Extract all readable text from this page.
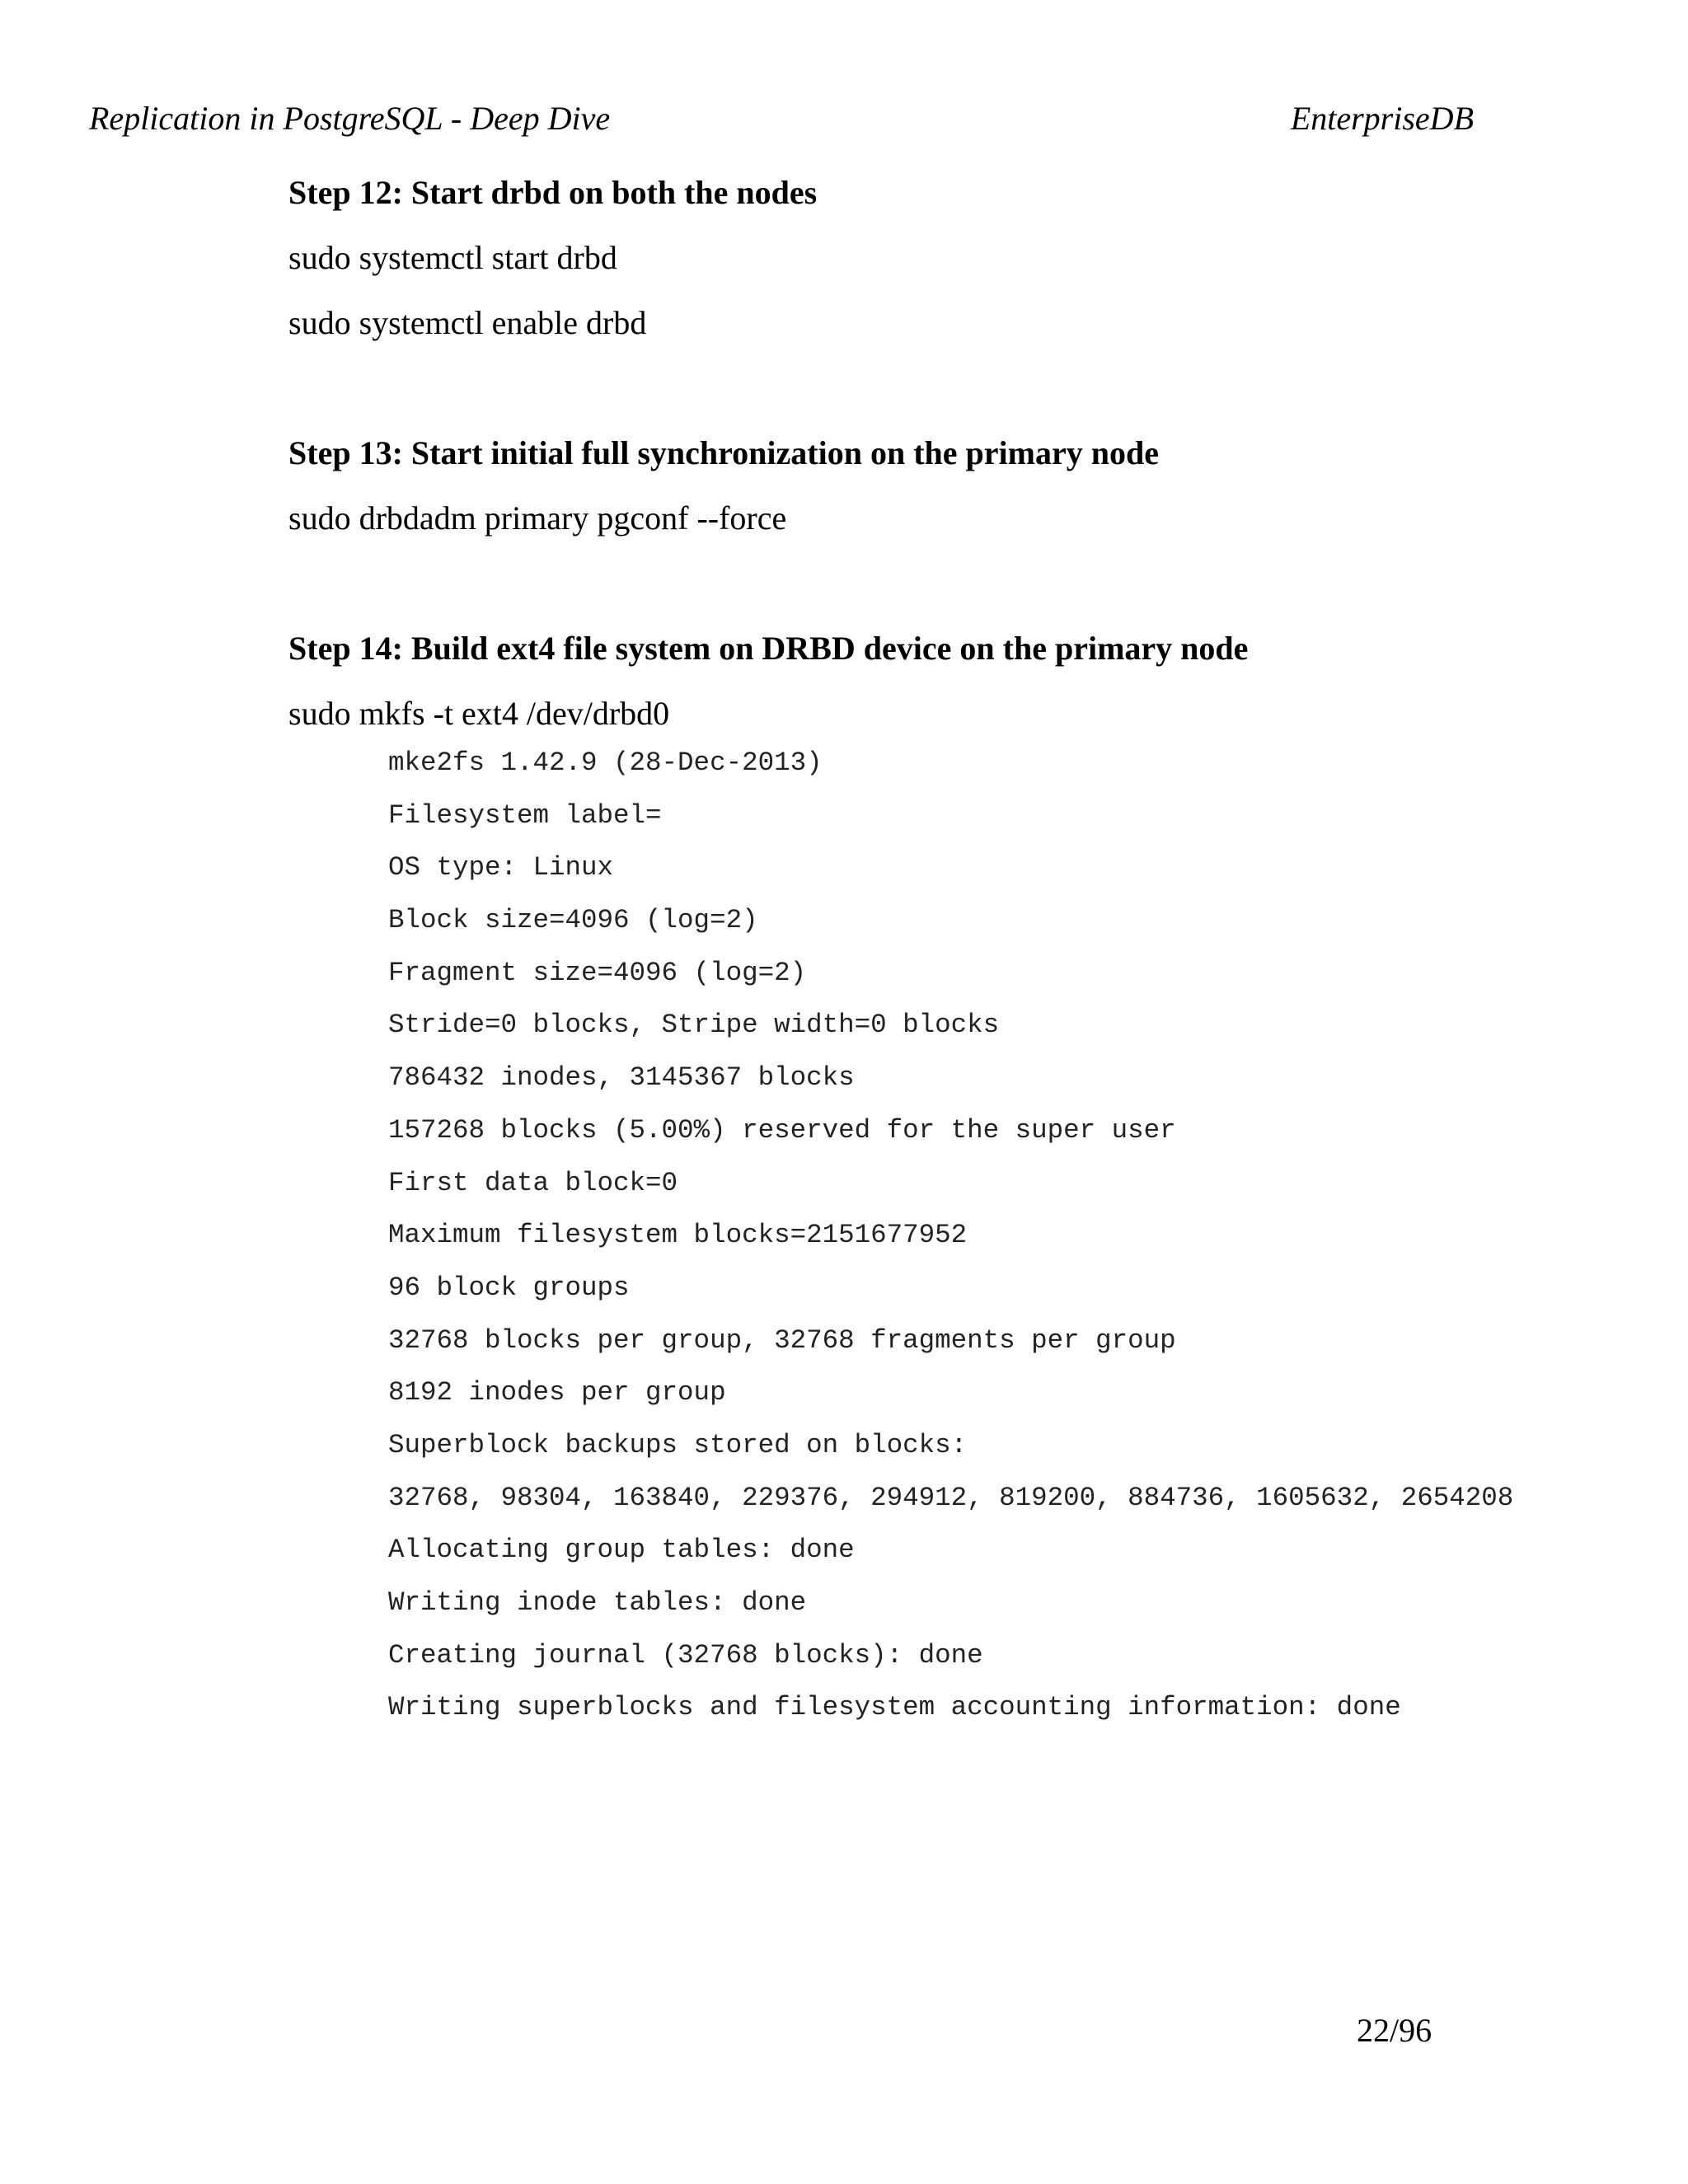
Replication in PostgreSQL - Deep Dive	EnterpriseDB
Step 12: Start drbd on both the nodes
sudo systemctl start drbd
sudo systemctl enable drbd
Step 13: Start initial full synchronization on the primary node
sudo drbdadm primary pgconf --force
Step 14: Build ext4 file system on DRBD device on the primary node
sudo mkfs -t ext4 /dev/drbd0
mke2fs 1.42.9 (28-Dec-2013)
Filesystem label=
OS type: Linux
Block size=4096 (log=2)
Fragment size=4096 (log=2)
Stride=0 blocks, Stripe width=0 blocks
786432 inodes, 3145367 blocks
157268 blocks (5.00%) reserved for the super user
First data block=0
Maximum filesystem blocks=2151677952
96 block groups
32768 blocks per group, 32768 fragments per group
8192 inodes per group
Superblock backups stored on blocks:
32768, 98304, 163840, 229376, 294912, 819200, 884736, 1605632, 2654208
Allocating group tables: done
Writing inode tables: done
Creating journal (32768 blocks): done
Writing superblocks and filesystem accounting information: done
22/96
